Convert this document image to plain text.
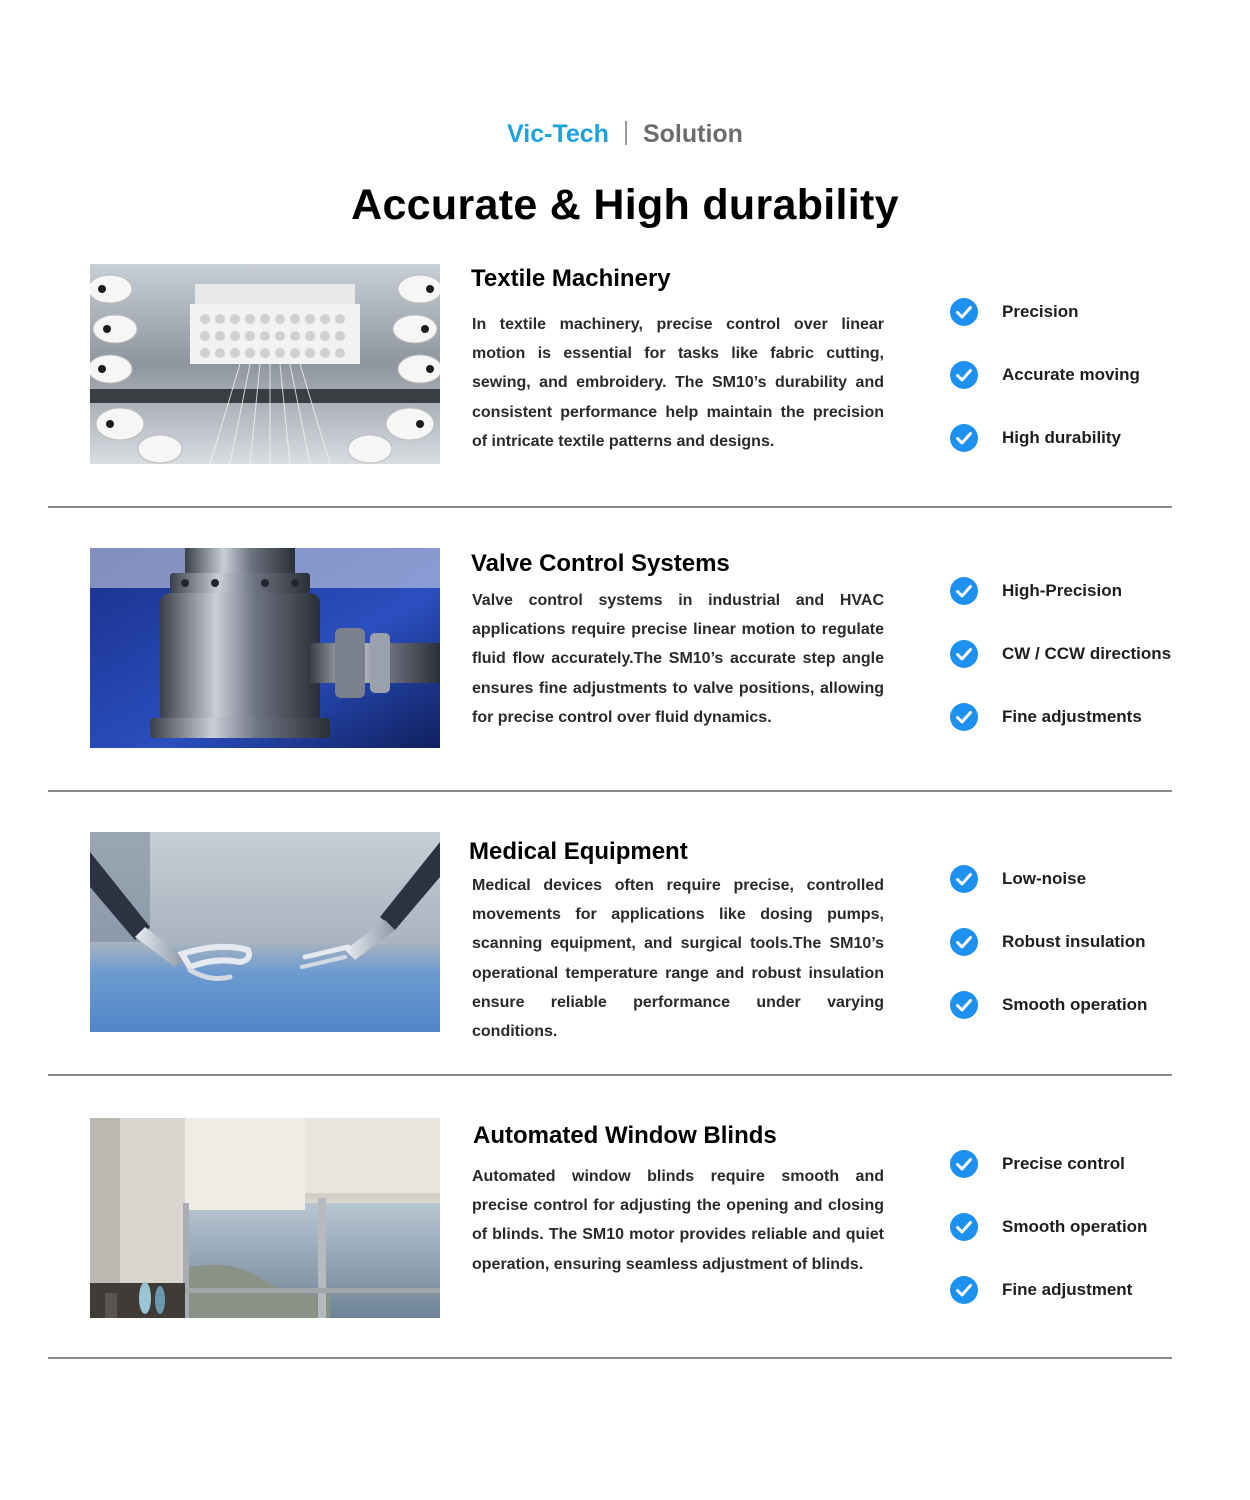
Vic-Tech Solution
Accurate & High durability
Textile Machinery
In textile machinery, precise control over linear motion is essential for tasks like fabric cutting, sewing, and embroidery. The SM10’s durability and consistent performance help maintain the precision of intricate textile patterns and designs.
Precision
Accurate moving
High durability
Valve Control Systems
Valve control systems in industrial and HVAC applications require precise linear motion to regulate fluid flow accurately.The SM10’s accurate step angle ensures fine adjustments to valve positions, allowing for precise control over fluid dynamics.
High-Precision
CW / CCW directions
Fine adjustments
Medical Equipment
Medical devices often require precise, controlled movements for applications like dosing pumps, scanning equipment, and surgical tools.The SM10’s operational temperature range and robust insulation ensure reliable performance under varying conditions.
Low-noise
Robust insulation
Smooth operation
Automated Window Blinds
Automated window blinds require smooth and precise control for adjusting the opening and closing of blinds. The SM10 motor provides reliable and quiet operation, ensuring seamless adjustment of blinds.
Precise control
Smooth operation
Fine adjustment
